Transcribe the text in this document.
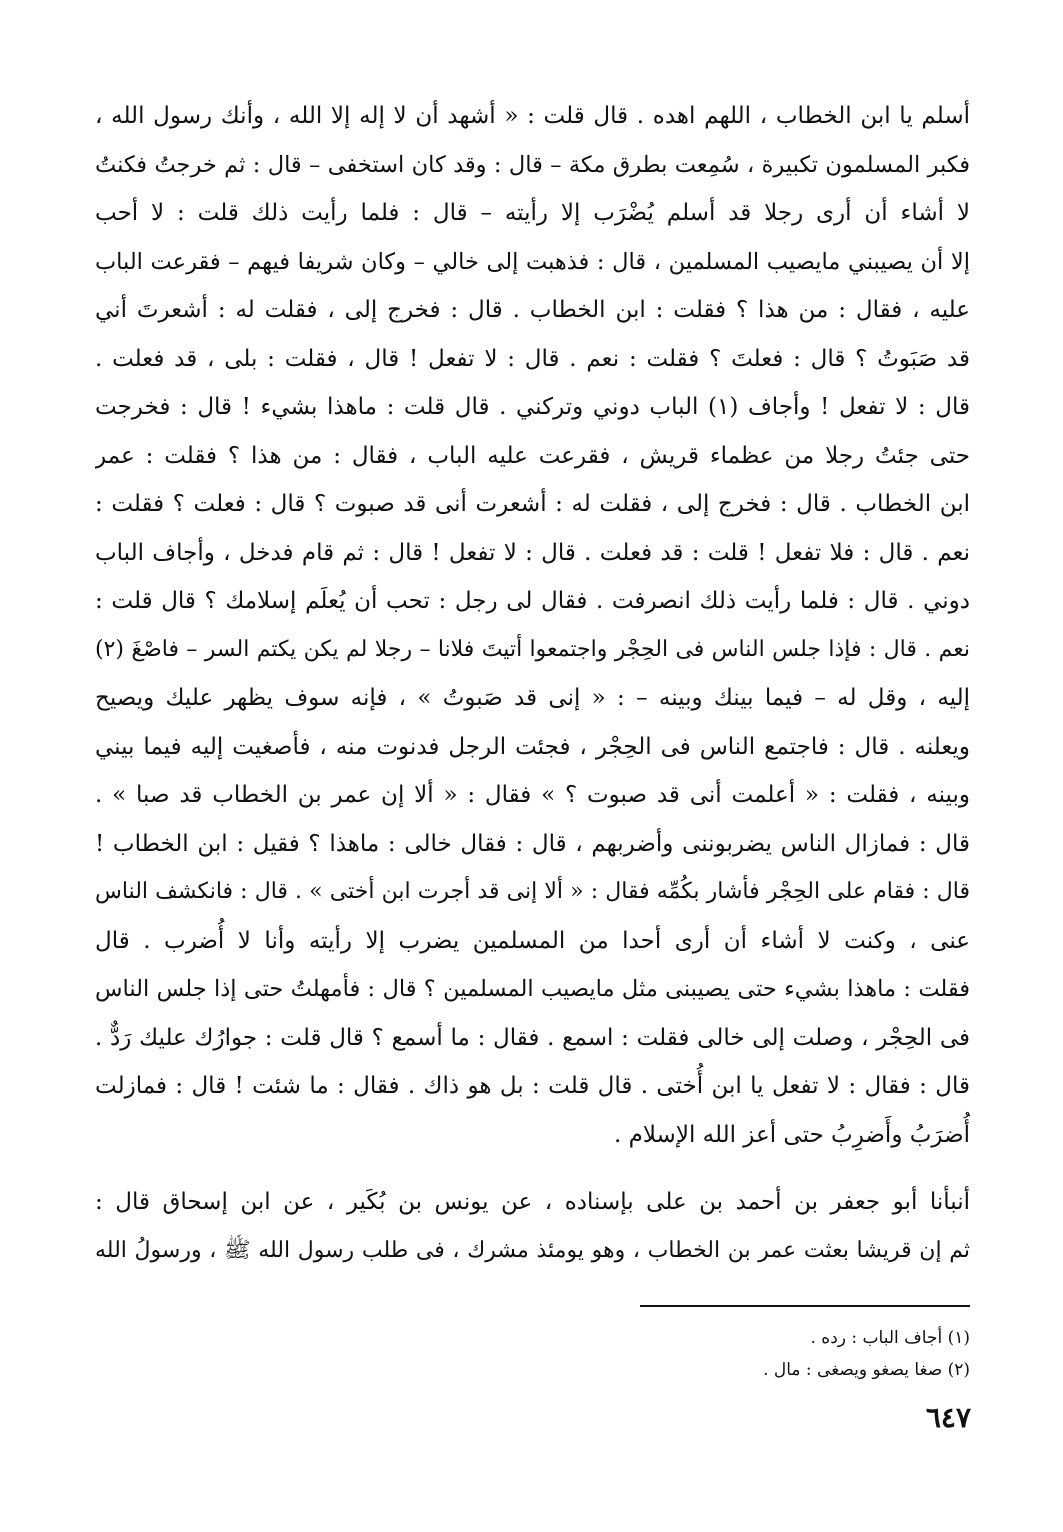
أسلم يا ابن الخطاب ، اللهم اهده . قال قلت : « أشهد أن لا إله إلا الله ، وأنك رسول الله ،
فكبر المسلمون تكبيرة ، سُمِعت بطرق مكة – قال : وقد كان استخفى – قال : ثم خرجتُ فكنتُ
لا أشاء أن أرى رجلا قد أسلم يُضْرَب إلا رأيته – قال : فلما رأيت ذلك قلت : لا أحب
إلا أن يصيبني مايصيب المسلمين ، قال : فذهبت إلى خالي – وكان شريفا فيهم – فقرعت الباب
عليه ، فقال : من هذا ؟ فقلت : ابن الخطاب . قال : فخرج إلى ، فقلت له : أشعرتَ أني
قد صَبَوتُ ؟ قال : فعلتَ ؟ فقلت : نعم . قال : لا تفعل ! قال ، فقلت : بلى ، قد فعلت .
قال : لا تفعل ! وأجاف (١) الباب دوني وتركني . قال قلت : ماهذا بشيء ! قال : فخرجت
حتى جئتُ رجلا من عظماء قريش ، فقرعت عليه الباب ، فقال : من هذا ؟ فقلت : عمر
ابن الخطاب . قال : فخرج إلى ، فقلت له : أشعرت أنى قد صبوت ؟ قال : فعلت ؟ فقلت :
نعم . قال : فلا تفعل ! قلت : قد فعلت . قال : لا تفعل ! قال : ثم قام فدخل ، وأجاف الباب
دوني . قال : فلما رأيت ذلك انصرفت . فقال لى رجل : تحب أن يُعلَم إسلامك ؟ قال قلت :
نعم . قال : فإذا جلس الناس فى الحِجْر واجتمعوا أتيتَ فلانا – رجلا لم يكن يكتم السر – فاصْغَ (٢)
إليه ، وقل له – فيما بينك وبينه – : « إنى قد صَبوتُ » ، فإنه سوف يظهر عليك ويصيح
ويعلنه . قال : فاجتمع الناس فى الحِجْر ، فجئت الرجل فدنوت منه ، فأصغيت إليه فيما بيني
وبينه ، فقلت : « أعلمت أنى قد صبوت ؟ » فقال : « ألا إن عمر بن الخطاب قد صبا » .
قال : فمازال الناس يضربوننى وأضربهم ، قال : فقال خالى : ماهذا ؟ فقيل : ابن الخطاب !
قال : فقام على الحِجْر فأشار بكُمِّه فقال : « ألا إنى قد أجرت ابن أختى » . قال : فانكشف الناس
عنى ، وكنت لا أشاء أن أرى أحدا من المسلمين يضرب إلا رأيته وأنا لا أُضرب . قال
فقلت : ماهذا بشيء حتى يصيبنى مثل مايصيب المسلمين ؟ قال : فأمهلتُ حتى إذا جلس الناس
فى الحِجْر ، وصلت إلى خالى فقلت : اسمع . فقال : ما أسمع ؟ قال قلت : جوارُك عليك رَدٌّ .
قال : فقال : لا تفعل يا ابن أُختى . قال قلت : بل هو ذاك . فقال : ما شئت ! قال : فمازلت
أُضرَبُ وأَضرِبُ حتى أعز الله الإسلام .
أنبأنا أبو جعفر بن أحمد بن على بإسناده ، عن يونس بن بُكَير ، عن ابن إسحاق قال :
ثم إن قريشا بعثت عمر بن الخطاب ، وهو يومئذ مشرك ، فى طلب رسول الله ﷺ ، ورسولُ الله
(١) أجاف الباب : رده .
(٢) صغا يصغو ويصغى : مال .
٦٤٧
